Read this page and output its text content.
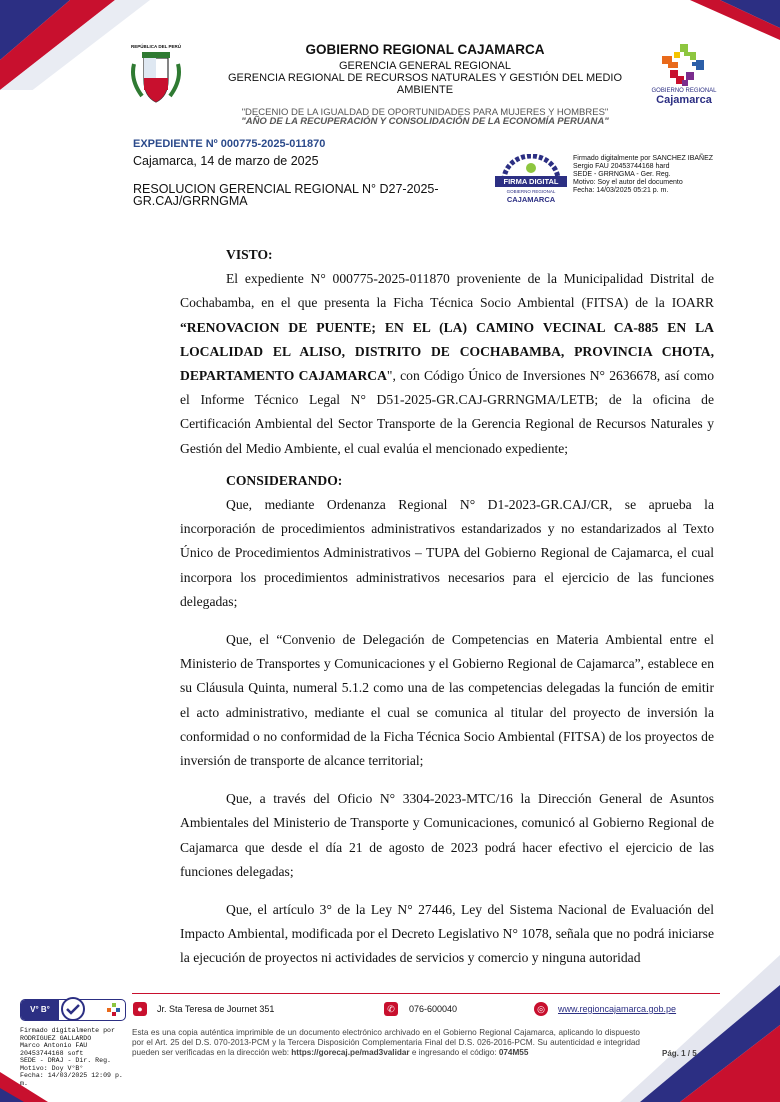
REPÚBLICA DEL PERÚ	GOBIERNO REGIONAL CAJAMARCA
GERENCIA GENERAL REGIONAL
GERENCIA REGIONAL DE RECURSOS NATURALES Y GESTIÓN DEL MEDIO
AMBIENTE
"DECENIO DE LA IGUALDAD DE OPORTUNIDADES PARA MUJERES Y HOMBRES"
"AÑO DE LA RECUPERACIÓN Y CONSOLIDACIÓN DE LA ECONOMÍA PERUANA"
GOBIERNO REGIONAL
Cajamarca
EXPEDIENTE Nº 000775-2025-011870
Cajamarca, 14 de marzo de 2025
RESOLUCION GERENCIAL REGIONAL N° D27-2025-
GR.CAJ/GRRNGMA
FIRMA DIGITAL
GOBIERNO REGIONAL
CAJAMARCA
Firmado digitalmente por SANCHEZ IBAÑEZ
Sergio FAU 20453744168 hard
SEDE - GRRNGMA - Ger. Reg.
Motivo: Soy el autor del documento
Fecha: 14/03/2025 05:21 p. m.

VISTO:

El expediente N° 000775-2025-011870 proveniente de la Municipalidad Distrital de Cochabamba, en el que presenta la Ficha Técnica Socio Ambiental (FITSA) de la IOARR “RENOVACION DE PUENTE; EN EL (LA) CAMINO VECINAL CA-885 EN LA LOCALIDAD EL ALISO, DISTRITO DE COCHABAMBA, PROVINCIA CHOTA, DEPARTAMENTO CAJAMARCA", con Código Único de Inversiones N° 2636678, así como el Informe Técnico Legal N° D51-2025-GR.CAJ-GRRNGMA/LETB; de la oficina de Certificación Ambiental del Sector Transporte de la Gerencia Regional de Recursos Naturales y Gestión del Medio Ambiente, el cual evalúa el mencionado expediente;

CONSIDERANDO:

Que, mediante Ordenanza Regional N° D1-2023-GR.CAJ/CR, se aprueba la incorporación de procedimientos administrativos estandarizados y no estandarizados al Texto Único de Procedimientos Administrativos – TUPA del Gobierno Regional de Cajamarca, el cual incorpora los procedimientos administrativos necesarios para el ejercicio de las funciones delegadas;

Que, el “Convenio de Delegación de Competencias en Materia Ambiental entre el Ministerio de Transportes y Comunicaciones y el Gobierno Regional de Cajamarca”, establece en su Cláusula Quinta, numeral 5.1.2 como una de las competencias delegadas la función de emitir el acto administrativo, mediante el cual se comunica al titular del proyecto de inversión la conformidad o no conformidad de la Ficha Técnica Socio Ambiental (FITSA) de los proyectos de inversión de transporte de alcance territorial;

Que, a través del Oficio N° 3304-2023-MTC/16 la Dirección General de Asuntos Ambientales del Ministerio de Transporte y Comunicaciones, comunicó al Gobierno Regional de Cajamarca que desde el día 21 de agosto de 2023 podrá hacer efectivo el ejercicio de las funciones delegadas;

Que, el artículo 3° de la Ley N° 27446, Ley del Sistema Nacional de Evaluación del Impacto Ambiental, modificada por el Decreto Legislativo N° 1078, señala que no podrá iniciarse la ejecución de proyectos ni actividades de servicios y comercio y ninguna autoridad

●	Jr. Sta Teresa de Journet 351	✆	076-600040	◎	www.regioncajamarca.gob.pe
Esta es una copia auténtica imprimible de un documento electrónico archivado en el Gobierno Regional Cajamarca, aplicando lo dispuesto por el Art. 25 del D.S. 070-2013-PCM y la Tercera Disposición Complementaria Final del D.S. 026-2016-PCM. Su autenticidad e integridad pueden ser verificadas en la dirección web: https://gorecaj.pe/mad3validar e ingresando el código: 074M55	Pág. 1 / 5
V° B°
Firmado digitalmente por
RODRIGUEZ GALLARDO
Marco Antonio FAU
20453744168 soft
SEDE - DRAJ - Dir. Reg.
Motivo: Doy V°B°
Fecha: 14/03/2025 12:09 p. m.
